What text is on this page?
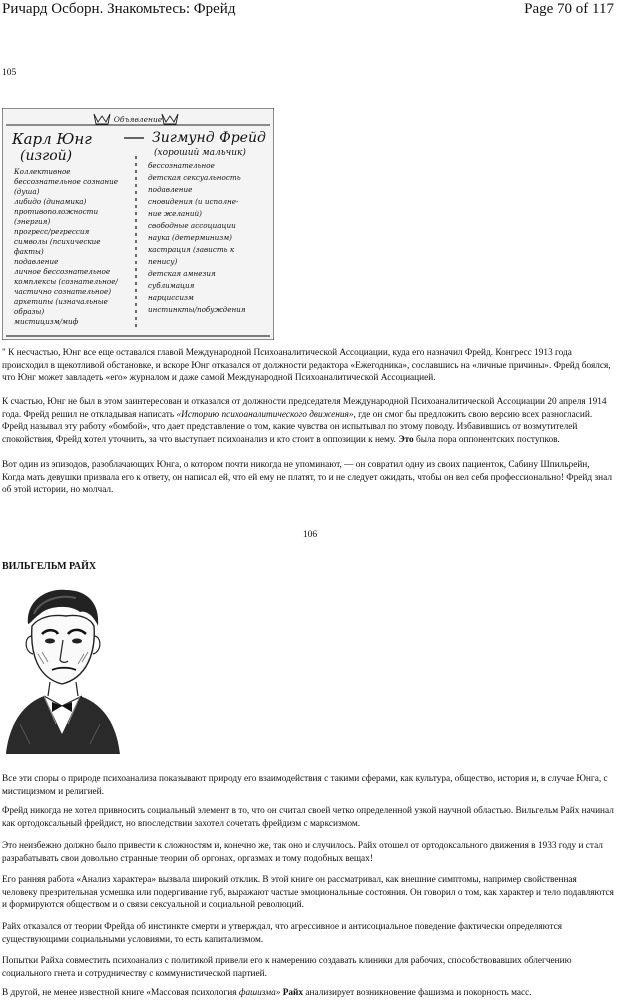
Ричард Осборн. Знакомьтесь: Фрейд	Page 70 of 117
105
Объявление
Карл Юнг
(изгой)
Зигмунд Фрейд
(хороший мальчик)
Коллективное
бессознательное сознание
(душа)
либидо (динамика)
противоположности
(энергия)
прогресс/регрессия
символы (психические
факты)
подавление
личное бессознательное
комплексы (сознательное/
частично сознательное)
архетипы (изначальные
образы)
мистицизм/миф
бессознательное
детская сексуальность
подавление
сновидения (и исполне-
ние желаний)
свободные ассоциации
наука (детерминизм)
кастрация (зависть к
пенису)
детская амнезия
сублимация
нарциссизм
инстинкты/побуждения
" К несчастью, Юнг все еще оставался главой Международной Психоаналитической Ассоциации, куда его назначил Фрейд. Конгресс 1913 года происходил в щекотливой обстановке, и вскоре Юнг отказался от должности редактора «Ежегодника», сославшись на «личные причины». Фрейд боялся, что Юнг может завладеть «его» журналом и даже самой Международной Психоаналитической Ассоциацией.
К счастью, Юнг не был в этом заинтересован и отказался от должности председателя Международной Психоаналитической Ассоциации 20 апреля 1914 года. Фрейд решил не откладывая написать «Историю психоаналитического движения», где он смог бы предложить свою версию всех разногласий. Фрейд называл эту работу «бомбой», что дает представление о том, какие чувства он испытывал по этому поводу. Избавившись от возмутителей спокойствия, Фрейд хотел уточнить, за что выступает психоанализ и кто стоит в оппозиции к нему. Это была пора оппонентских поступков.
Вот один из эпизодов, разоблачающих Юнга, о котором почти никогда не упоминают, — он совратил одну из своих пациенток, Сабину Шпильрейн, Когда мать девушки призвала его к ответу, он написал ей, что ей ему не платят, то и не следует ожидать, чтобы он вел себя профессионально! Фрейд знал об этой истории, но молчал.
106
ВИЛЬГЕЛЬМ РАЙХ
Все эти споры о природе психоанализа показывают природу его взаимодействия с такими сферами, как культура, общество, история и, в случае Юнга, с мистицизмом и религией.
Фрейд никогда не хотел привносить социальный элемент в то, что он считал своей четко определенной узкой научной областью. Вильгельм Райх начинал как ортодоксальный фрейдист, но впоследствии захотел сочетать фрейдизм с марксизмом.
Это неизбежно должно было привести к сложностям и, конечно же, так оно и случилось. Райх отошел от ортодоксального движения в 1933 году и стал разрабатывать свои довольно странные теории об оргонах, оргазмах и тому подобных вещах!
Его ранняя работа «Анализ характера» вызвала широкий отклик. В этой книге он рассматривал, как внешние симптомы, например свойственная человеку презрительная усмешка или подергивание губ, выражают частые эмоциональные состояния. Он говорил о том, как характер и тело подавляются и формируются обществом и о связи сексуальной и социальной революций.
Райх отказался от теории Фрейда об инстинкте смерти и утверждал, что агрессивное и антисоциальное поведение фактически определяются существующими социальными условиями, то есть капитализмом.
Попытки Райха совместить психоанализ с политикой привели его к намерению создавать клиники для рабочих, способствовавших облегчению социального гнета и сотрудничеству с коммунистической партией.
В другой, не менее известной книге «Массовая психология фашизма» Райх анализирует возникновение фашизма и покорность масс.
